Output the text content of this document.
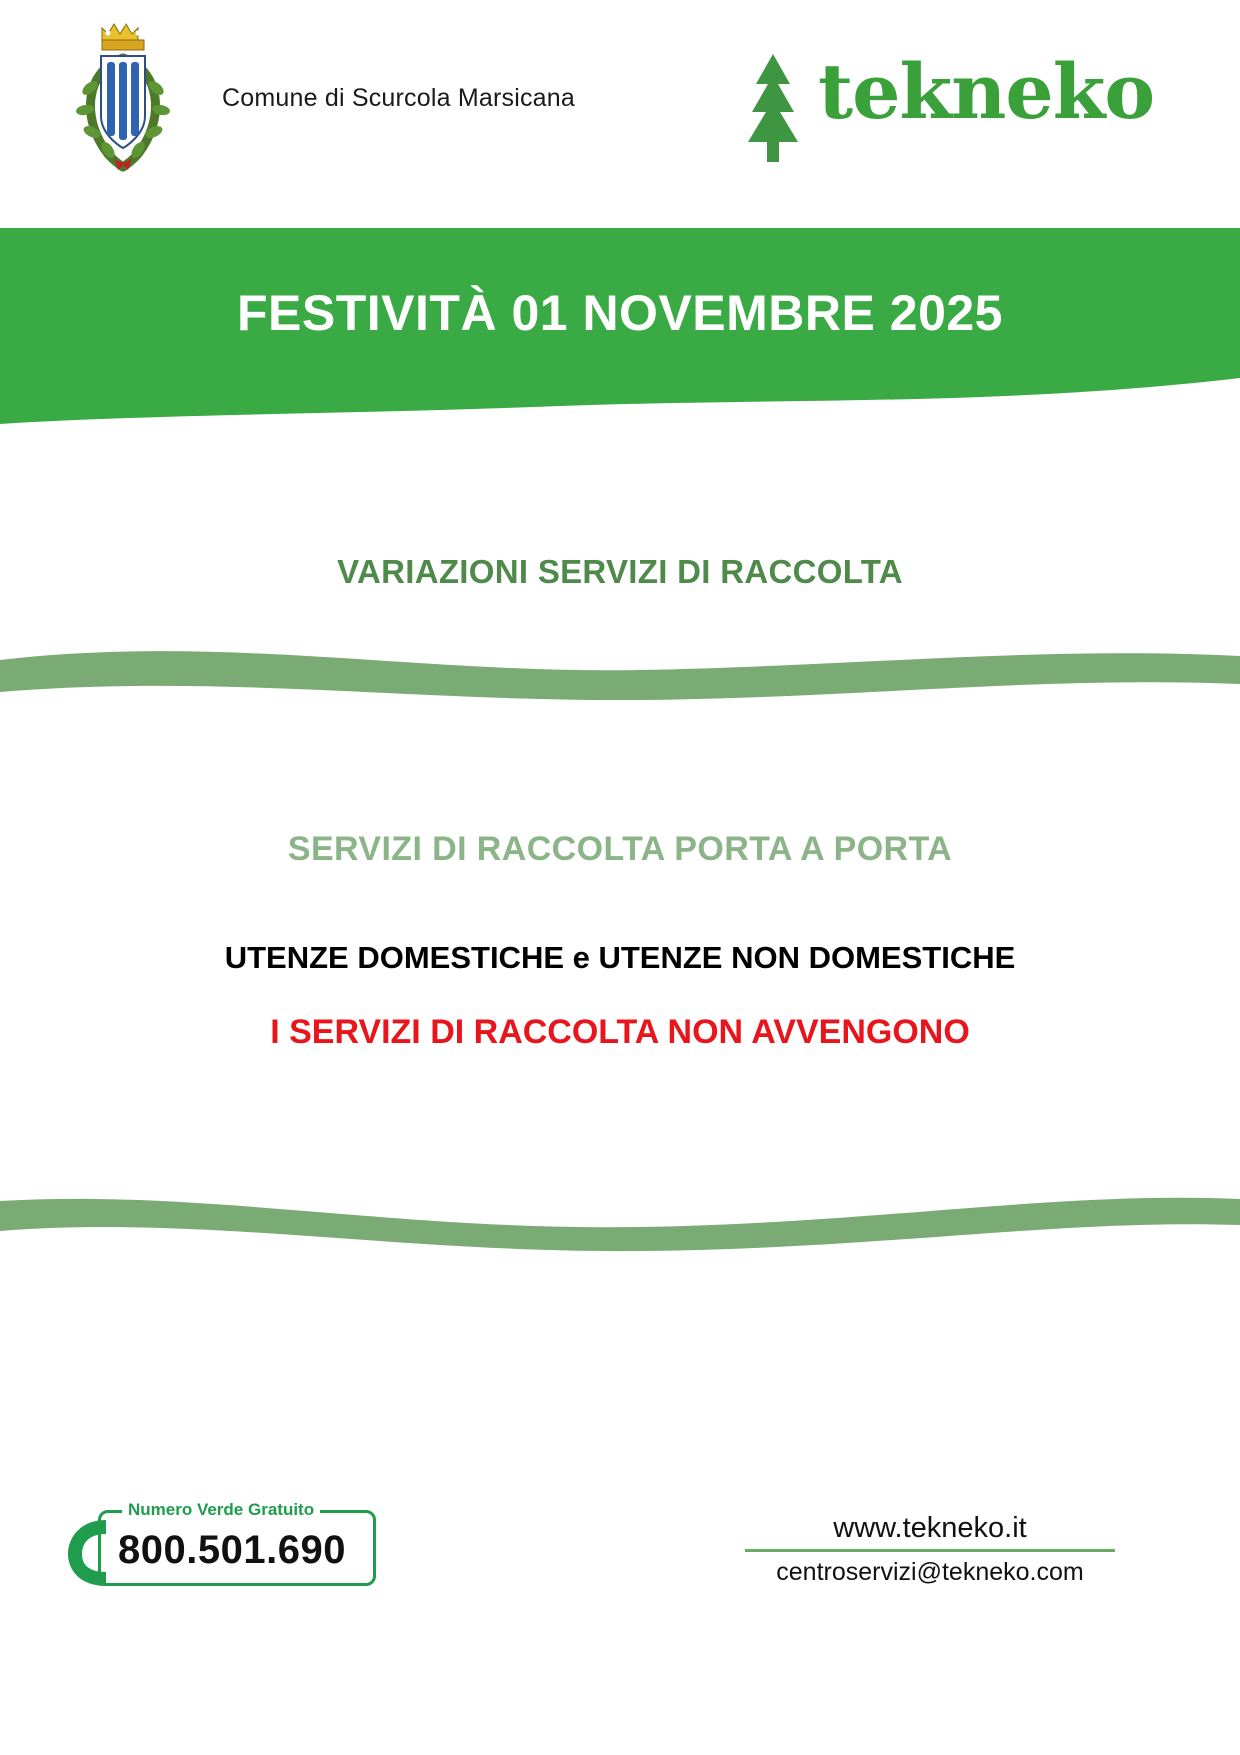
Comune di Scurcola Marsicana	tekneko
FESTIVITÀ 01 NOVEMBRE 2025
VARIAZIONI SERVIZI DI RACCOLTA
SERVIZI DI RACCOLTA PORTA A PORTA
UTENZE DOMESTICHE e UTENZE NON DOMESTICHE
I SERVIZI DI RACCOLTA NON AVVENGONO
Numero Verde Gratuito
800.501.690	www.tekneko.it
centroservizi@tekneko.com
